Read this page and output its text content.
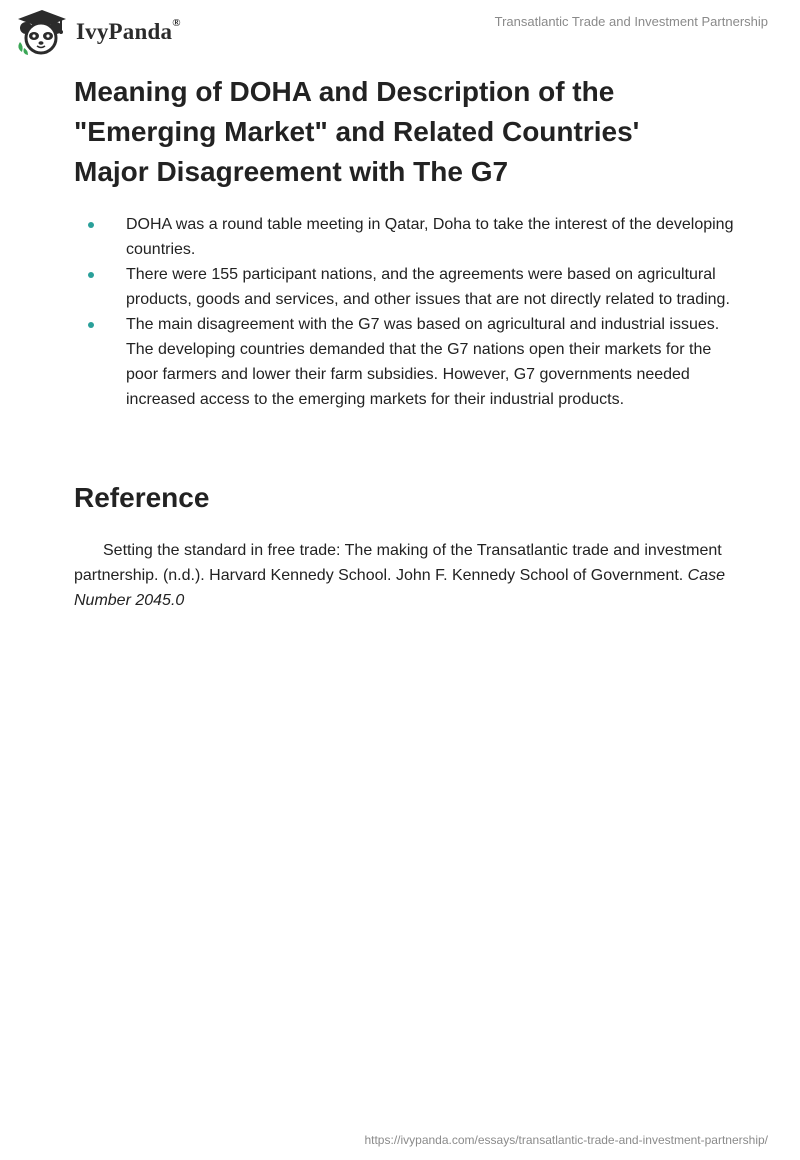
IvyPanda®	Transatlantic Trade and Investment Partnership
Meaning of DOHA and Description of the "Emerging Market" and Related Countries' Major Disagreement with The G7
DOHA was a round table meeting in Qatar, Doha to take the interest of the developing countries.
There were 155 participant nations, and the agreements were based on agricultural products, goods and services, and other issues that are not directly related to trading.
The main disagreement with the G7 was based on agricultural and industrial issues. The developing countries demanded that the G7 nations open their markets for the poor farmers and lower their farm subsidies. However, G7 governments needed increased access to the emerging markets for their industrial products.
Reference

Setting the standard in free trade: The making of the Transatlantic trade and investment partnership. (n.d.). Harvard Kennedy School. John F. Kennedy School of Government. Case Number 2045.0

https://ivypanda.com/essays/transatlantic-trade-and-investment-partnership/
